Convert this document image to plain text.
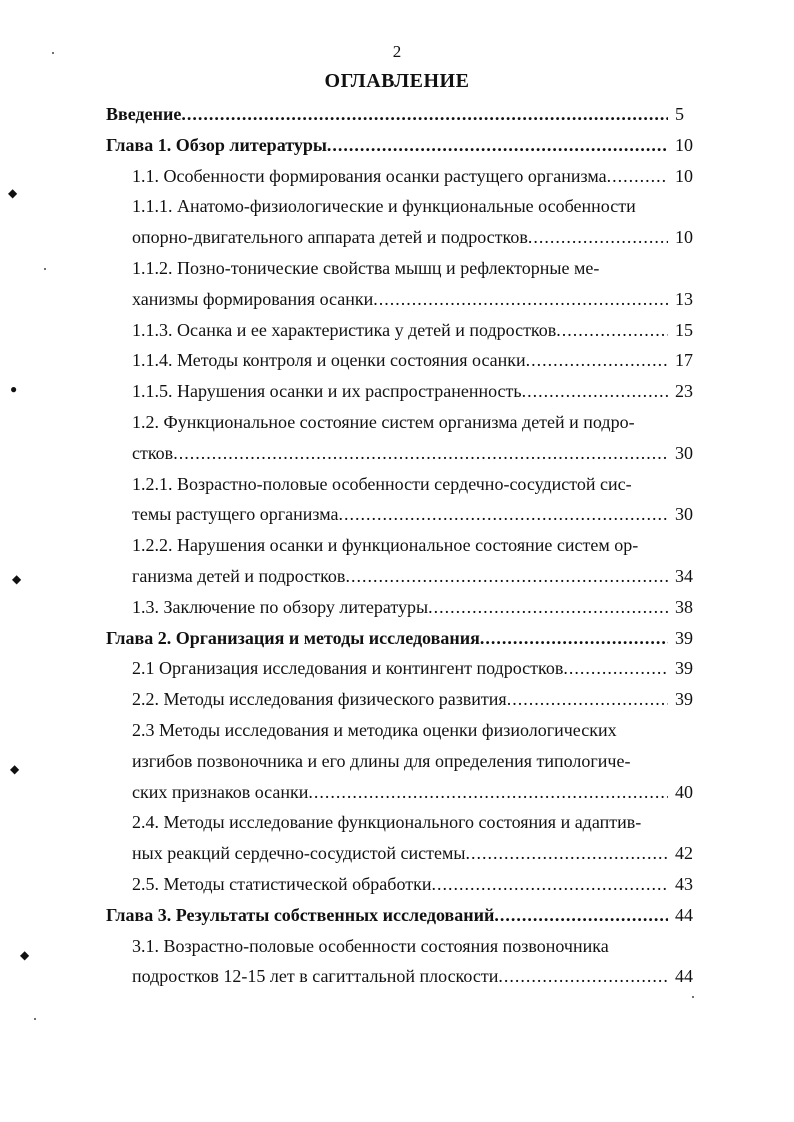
2
ОГЛАВЛЕНИЕ
Введение .....	5
Глава 1. Обзор литературы .....	10
1.1. Особенности формирования осанки растущего организма .....	10
1.1.1. Анатомо-физиологические и функциональные особенности
опорно-двигательного аппарата детей и подростков .....	10
1.1.2. Позно-тонические свойства мышц и рефлекторные ме-
ханизмы формирования осанки .....	13
1.1.3. Осанка и ее характеристика у детей и подростков .....	15
1.1.4. Методы контроля и оценки состояния осанки .....	17
1.1.5. Нарушения осанки и их распространенность .....	23
1.2. Функциональное состояние систем организма детей и подро-
стков .....	30
1.2.1. Возрастно-половые особенности сердечно-сосудистой сис-
темы растущего организма .....	30
1.2.2. Нарушения осанки и функциональное состояние систем ор-
ганизма детей и подростков .....	34
1.3. Заключение по обзору литературы .....	38
Глава 2. Организация и методы исследования .....	39
2.1 Организация исследования и контингент подростков .....	39
2.2. Методы исследования физического развития .....	39
2.3 Методы исследования и методика оценки физиологических
изгибов позвоночника и его длины для определения типологиче-
ских признаков осанки .....	40
2.4. Методы исследование функционального состояния и адаптив-
ных реакций сердечно-сосудистой системы .....	42
2.5. Методы статистической обработки .....	43
Глава 3. Результаты собственных исследований .....	44
3.1. Возрастно-половые особенности состояния позвоночника
подростков 12-15 лет в сагиттальной плоскости .....	44
◆
●
◆
◆
◆
